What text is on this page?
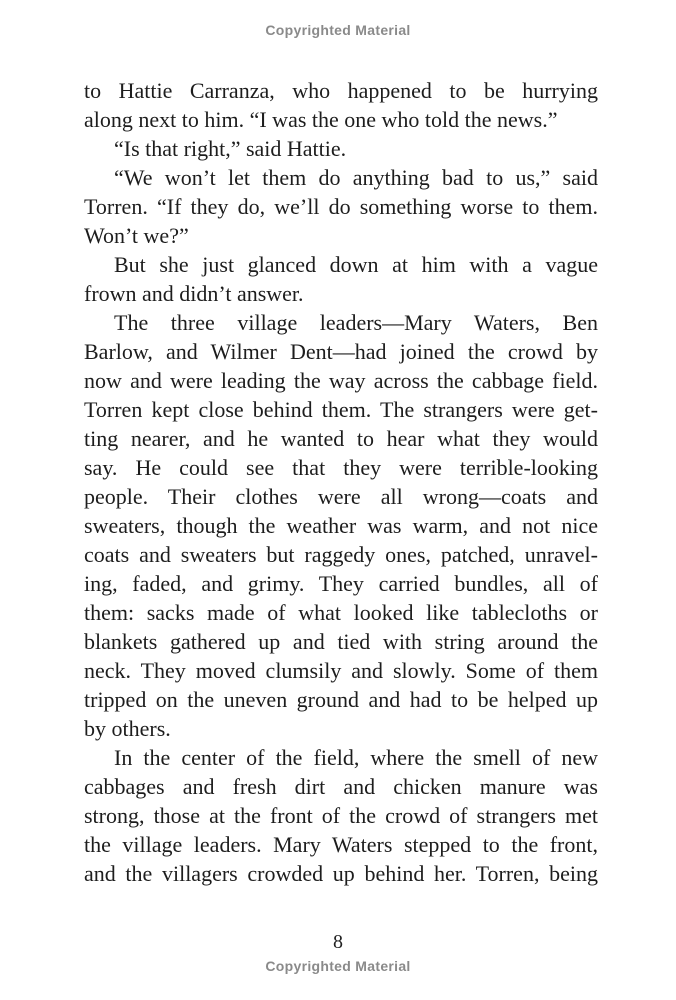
Copyrighted Material
to Hattie Carranza, who happened to be hurrying
along next to him. “I was the one who told the news.”
“Is that right,” said Hattie.
“We won’t let them do anything bad to us,” said
Torren. “If they do, we’ll do something worse to them.
Won’t we?”
But she just glanced down at him with a vague
frown and didn’t answer.
The three village leaders—Mary Waters, Ben
Barlow, and Wilmer Dent—had joined the crowd by
now and were leading the way across the cabbage field.
Torren kept close behind them. The strangers were get-
ting nearer, and he wanted to hear what they would
say. He could see that they were terrible-looking
people. Their clothes were all wrong—coats and
sweaters, though the weather was warm, and not nice
coats and sweaters but raggedy ones, patched, unravel-
ing, faded, and grimy. They carried bundles, all of
them: sacks made of what looked like tablecloths or
blankets gathered up and tied with string around the
neck. They moved clumsily and slowly. Some of them
tripped on the uneven ground and had to be helped up
by others.
In the center of the field, where the smell of new
cabbages and fresh dirt and chicken manure was
strong, those at the front of the crowd of strangers met
the village leaders. Mary Waters stepped to the front,
and the villagers crowded up behind her. Torren, being
8
Copyrighted Material
